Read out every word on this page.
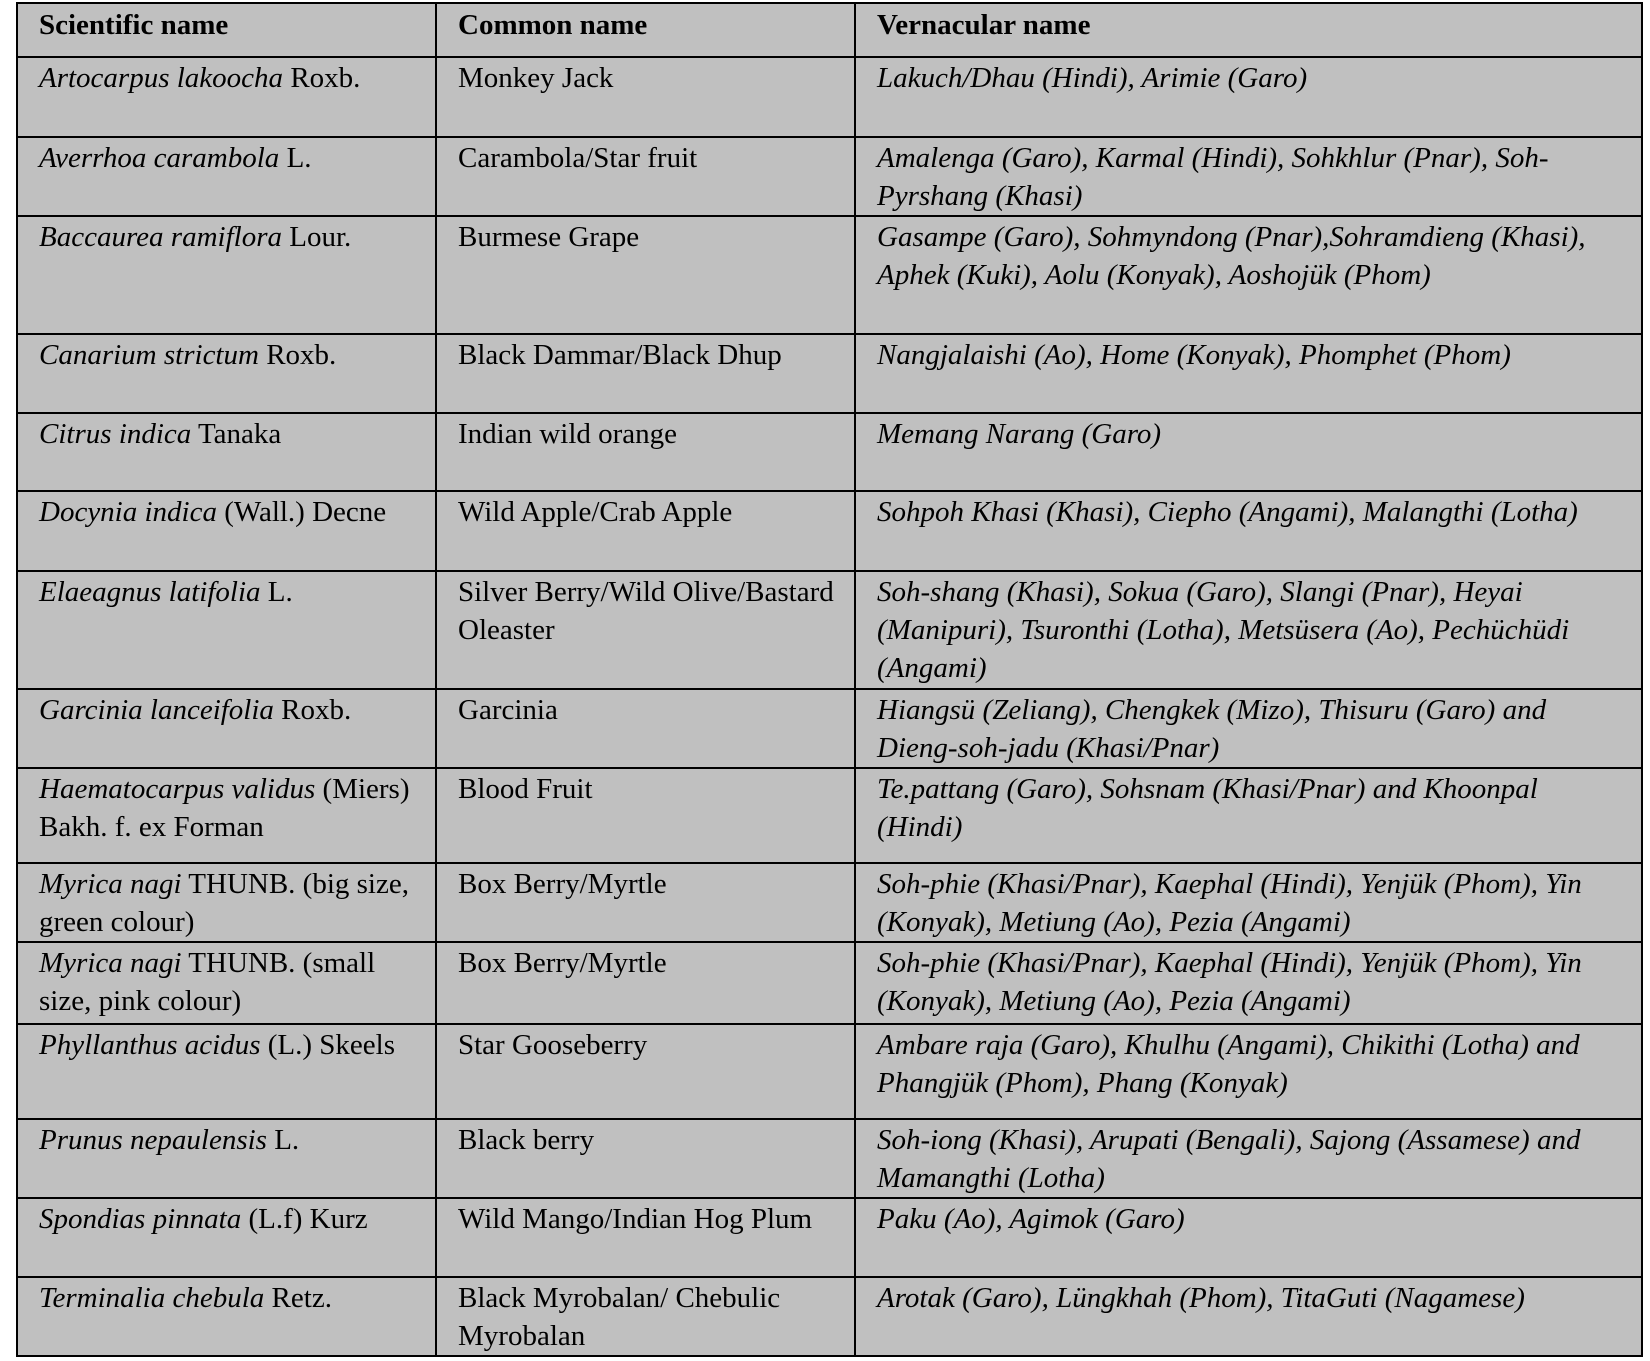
Scientific name	Common name	Vernacular name
Artocarpus lakoocha Roxb.	Monkey Jack	Lakuch/Dhau (Hindi), Arimie (Garo)
Averrhoa carambola L.	Carambola/Star fruit	Amalenga (Garo), Karmal (Hindi), Sohkhlur (Pnar), Soh-Pyrshang (Khasi)
Baccaurea ramiflora Lour.	Burmese Grape	Gasampe (Garo), Sohmyndong (Pnar),Sohramdieng (Khasi), Aphek (Kuki), Aolu (Konyak), Aoshojük (Phom)
Canarium strictum Roxb.	Black Dammar/Black Dhup	Nangjalaishi (Ao), Home (Konyak), Phomphet (Phom)
Citrus indica Tanaka	Indian wild orange	Memang Narang (Garo)
Docynia indica (Wall.) Decne	Wild Apple/Crab Apple	Sohpoh Khasi (Khasi), Ciepho (Angami), Malangthi (Lotha)
Elaeagnus latifolia L.	Silver Berry/Wild Olive/Bastard Oleaster	Soh-shang (Khasi), Sokua (Garo), Slangi (Pnar), Heyai (Manipuri), Tsuronthi (Lotha), Metsüsera (Ao), Pechüchüdi (Angami)
Garcinia lanceifolia Roxb.	Garcinia	Hiangsü (Zeliang), Chengkek (Mizo), Thisuru (Garo) and Dieng-soh-jadu (Khasi/Pnar)
Haematocarpus validus (Miers) Bakh. f. ex Forman	Blood Fruit	Te.pattang (Garo), Sohsnam (Khasi/Pnar) and Khoonpal (Hindi)
Myrica nagi THUNB. (big size, green colour)	Box Berry/Myrtle	Soh-phie (Khasi/Pnar), Kaephal (Hindi), Yenjük (Phom), Yin (Konyak), Metiung (Ao), Pezia (Angami)
Myrica nagi THUNB. (small size, pink colour)	Box Berry/Myrtle	Soh-phie (Khasi/Pnar), Kaephal (Hindi), Yenjük (Phom), Yin (Konyak), Metiung (Ao), Pezia (Angami)
Phyllanthus acidus (L.) Skeels	Star Gooseberry	Ambare raja (Garo), Khulhu (Angami), Chikithi (Lotha) and Phangjük (Phom), Phang (Konyak)
Prunus nepaulensis L.	Black berry	Soh-iong (Khasi), Arupati (Bengali), Sajong (Assamese) and Mamangthi (Lotha)
Spondias pinnata (L.f) Kurz	Wild Mango/Indian Hog Plum	Paku (Ao), Agimok (Garo)
Terminalia chebula Retz.	Black Myrobalan/ Chebulic Myrobalan	Arotak (Garo), Lüngkhah (Phom), TitaGuti (Nagamese)
